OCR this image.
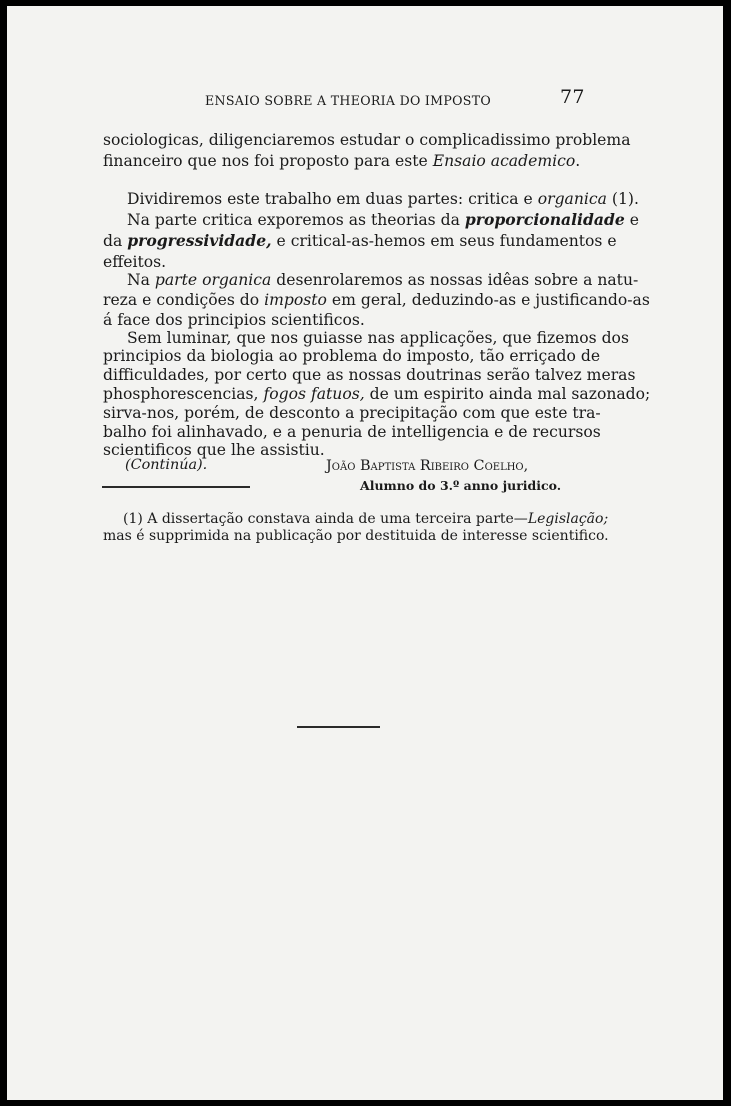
ENSAIO SOBRE A THEORIA DO IMPOSTO	77
sociologicas, diligenciaremos estudar o complicadissimo problema
financeiro que nos foi proposto para este Ensaio academico.
Dividiremos este trabalho em duas partes: critica e organica (1).
Na parte critica exporemos as theorias da proporcionalidade e
da progressividade, e critical-as-hemos em seus fundamentos e
effeitos.
Na parte organica desenrolaremos as nossas idêas sobre a natu-
reza e condições do imposto em geral, deduzindo-as e justificando-as
á face dos principios scientificos.
Sem luminar, que nos guiasse nas applicações, que fizemos dos
principios da biologia ao problema do imposto, tão erriçado de
difficuldades, por certo que as nossas doutrinas serão talvez meras
phosphorescencias, fogos fatuos, de um espirito ainda mal sazonado;
sirva-nos, porém, de desconto a precipitação com que este tra-
balho foi alinhavado, e a penuria de intelligencia e de recursos
scientificos que lhe assistiu.
(Continúa).	João Baptista Ribeiro Coelho,
Alumno do 3.º anno juridico.
(1) A dissertação constava ainda de uma terceira parte—Legislação;
mas é supprimida na publicação por destituida de interesse scientifico.
